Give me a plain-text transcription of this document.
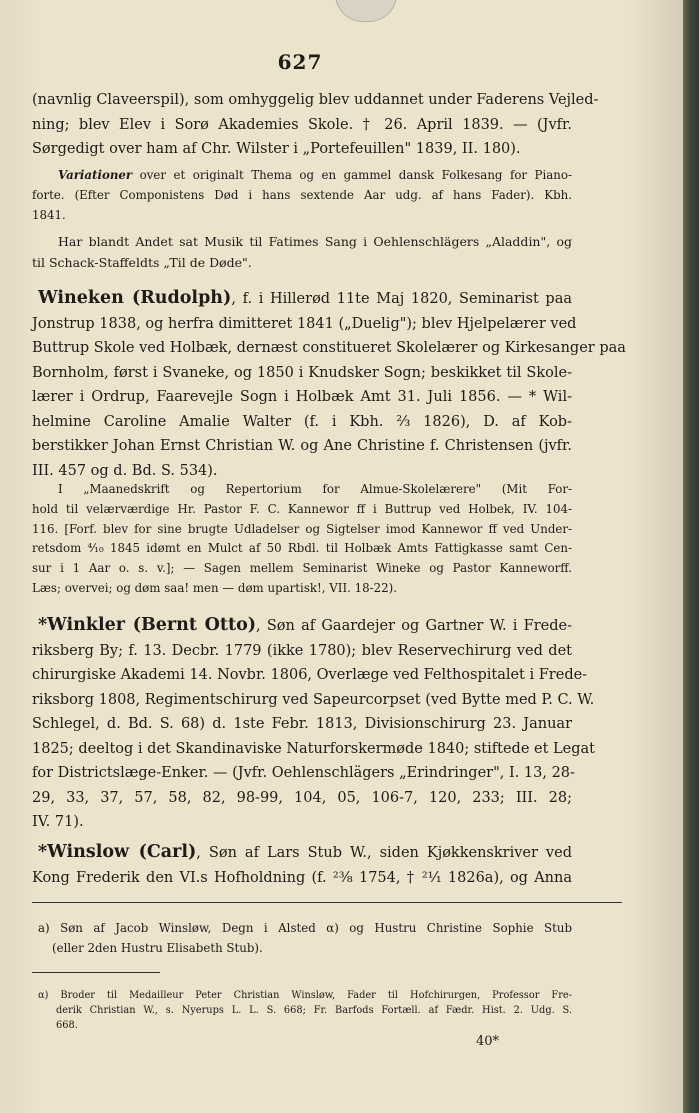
627
(navnlig Claveerspil), som omhyggelig blev uddannet under Faderens Vejled-
ning; blev Elev i Sorø Akademies Skole. † 26. April 1839. — (Jvfr.
Sørgedigt over ham af Chr. Wilster i „Portefeuillen" 1839, II. 180).
Variationer over et originalt Thema og en gammel dansk Folkesang for Piano-
forte. (Efter Componistens Død i hans sextende Aar udg. af hans Fader). Kbh.
1841.
Har blandt Andet sat Musik til Fatimes Sang i Oehlenschlägers „Aladdin", og
til Schack-Staffeldts „Til de Døde".
Wineken (Rudolph), f. i Hillerød 11te Maj 1820, Seminarist paa
Jonstrup 1838, og herfra dimitteret 1841 („Duelig"); blev Hjelpelærer ved
Buttrup Skole ved Holbæk, dernæst constitueret Skolelærer og Kirkesanger paa
Bornholm, først i Svaneke, og 1850 i Knudsker Sogn; beskikket til Skole-
lærer i Ordrup, Faarevejle Sogn i Holbæk Amt 31. Juli 1856. — * Wil-
helmine Caroline Amalie Walter (f. i Kbh. ⅔ 1826), D. af Kob-
berstikker Johan Ernst Christian W. og Ane Christine f. Christensen (jvfr.
III. 457 og d. Bd. S. 534).
I „Maanedskrift og Repertorium for Almue-Skolelærere" (Mit For-
hold til velærværdige Hr. Pastor F. C. Kannewor ff i Buttrup ved Holbek, IV. 104-
116. [Forf. blev for sine brugte Udladelser og Sigtelser imod Kannewor ff ved Under-
retsdom ⁴⁄₁₀ 1845 idømt en Mulct af 50 Rbdl. til Holbæk Amts Fattigkasse samt Cen-
sur i 1 Aar o. s. v.]; — Sagen mellem Seminarist Wineke og Pastor Kanneworff.
Læs; overvei; og døm saa! men — døm upartisk!, VII. 18-22).
*Winkler (Bernt Otto), Søn af Gaardejer og Gartner W. i Frede-
riksberg By; f. 13. Decbr. 1779 (ikke 1780); blev Reservechirurg ved det
chirurgiske Akademi 14. Novbr. 1806, Overlæge ved Felthospitalet i Frede-
riksborg 1808, Regimentschirurg ved Sapeurcorpset (ved Bytte med P. C. W.
Schlegel, d. Bd. S. 68) d. 1ste Febr. 1813, Divisionschirurg 23. Januar
1825; deeltog i det Skandinaviske Naturforskermøde 1840; stiftede et Legat
for Districtslæge-Enker. — (Jvfr. Oehlenschlägers „Erindringer", I. 13, 28-
29, 33, 37, 57, 58, 82, 98-99, 104, 05, 106-7, 120, 233; III. 28;
IV. 71).
*Winslow (Carl), Søn af Lars Stub W., siden Kjøkkenskriver ved
Kong Frederik den VI.s Hofholdning (f. ²³⁄₈ 1754, † ²¹⁄₁ 1826a), og Anna
a) Søn af Jacob Winsløw, Degn i Alsted α) og Hustru Christine Sophie Stub
(eller 2den Hustru Elisabeth Stub).
α) Broder til Medailleur Peter Christian Winsløw, Fader til Hofchirurgen, Professor Fre-
derik Christian W., s. Nyerups L. L. S. 668; Fr. Barfods Fortæll. af Fædr. Hist. 2. Udg. S.
668.
40*
